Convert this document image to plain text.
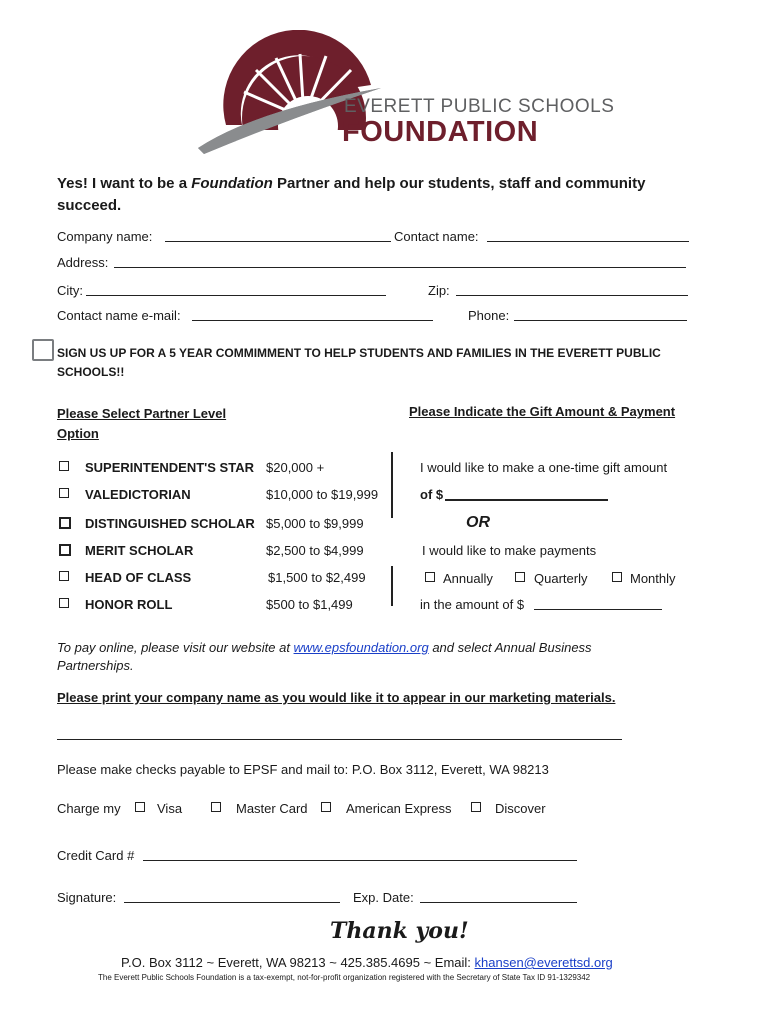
EVERETT PUBLIC SCHOOLS
FOUNDATION
Yes! I want to be a Foundation Partner and help our students, staff and community
succeed.
Company name:	Contact name:
Address:
City:	Zip:
Contact name e-mail:	Phone:
SIGN US UP FOR A 5 YEAR COMMIMMENT TO HELP STUDENTS AND FAMILIES IN THE EVERETT PUBLIC
SCHOOLS!!
Please Select Partner Level
Option
Please Indicate the Gift Amount & Payment
SUPERINTENDENT'S STAR $20,000 +
VALEDICTORIAN	$10,000 to $19,999
DISTINGUISHED SCHOLAR $5,000 to $9,999
MERIT SCHOLAR	$2,500 to $4,999
HEAD OF CLASS	$1,500 to $2,499
HONOR ROLL	$500 to $1,499
I would like to make a one-time gift amount
of $
OR
I would like to make payments
Annually	Quarterly	Monthly
in the amount of $
To pay online, please visit our website at www.epsfoundation.org and select Annual Business
Partnerships.
Please print your company name as you would like it to appear in our marketing materials.
Please make checks payable to EPSF and mail to: P.O. Box 3112, Everett, WA 98213
Charge my	Visa	Master Card	American Express	Discover
Credit Card #
Signature:	Exp. Date:
Thank you!
P.O. Box 3112 ~ Everett, WA 98213 ~ 425.385.4695 ~ Email: khansen@everettsd.org
The Everett Public Schools Foundation is a tax-exempt, not-for-profit organization registered with the Secretary of State Tax ID 91-1329342
